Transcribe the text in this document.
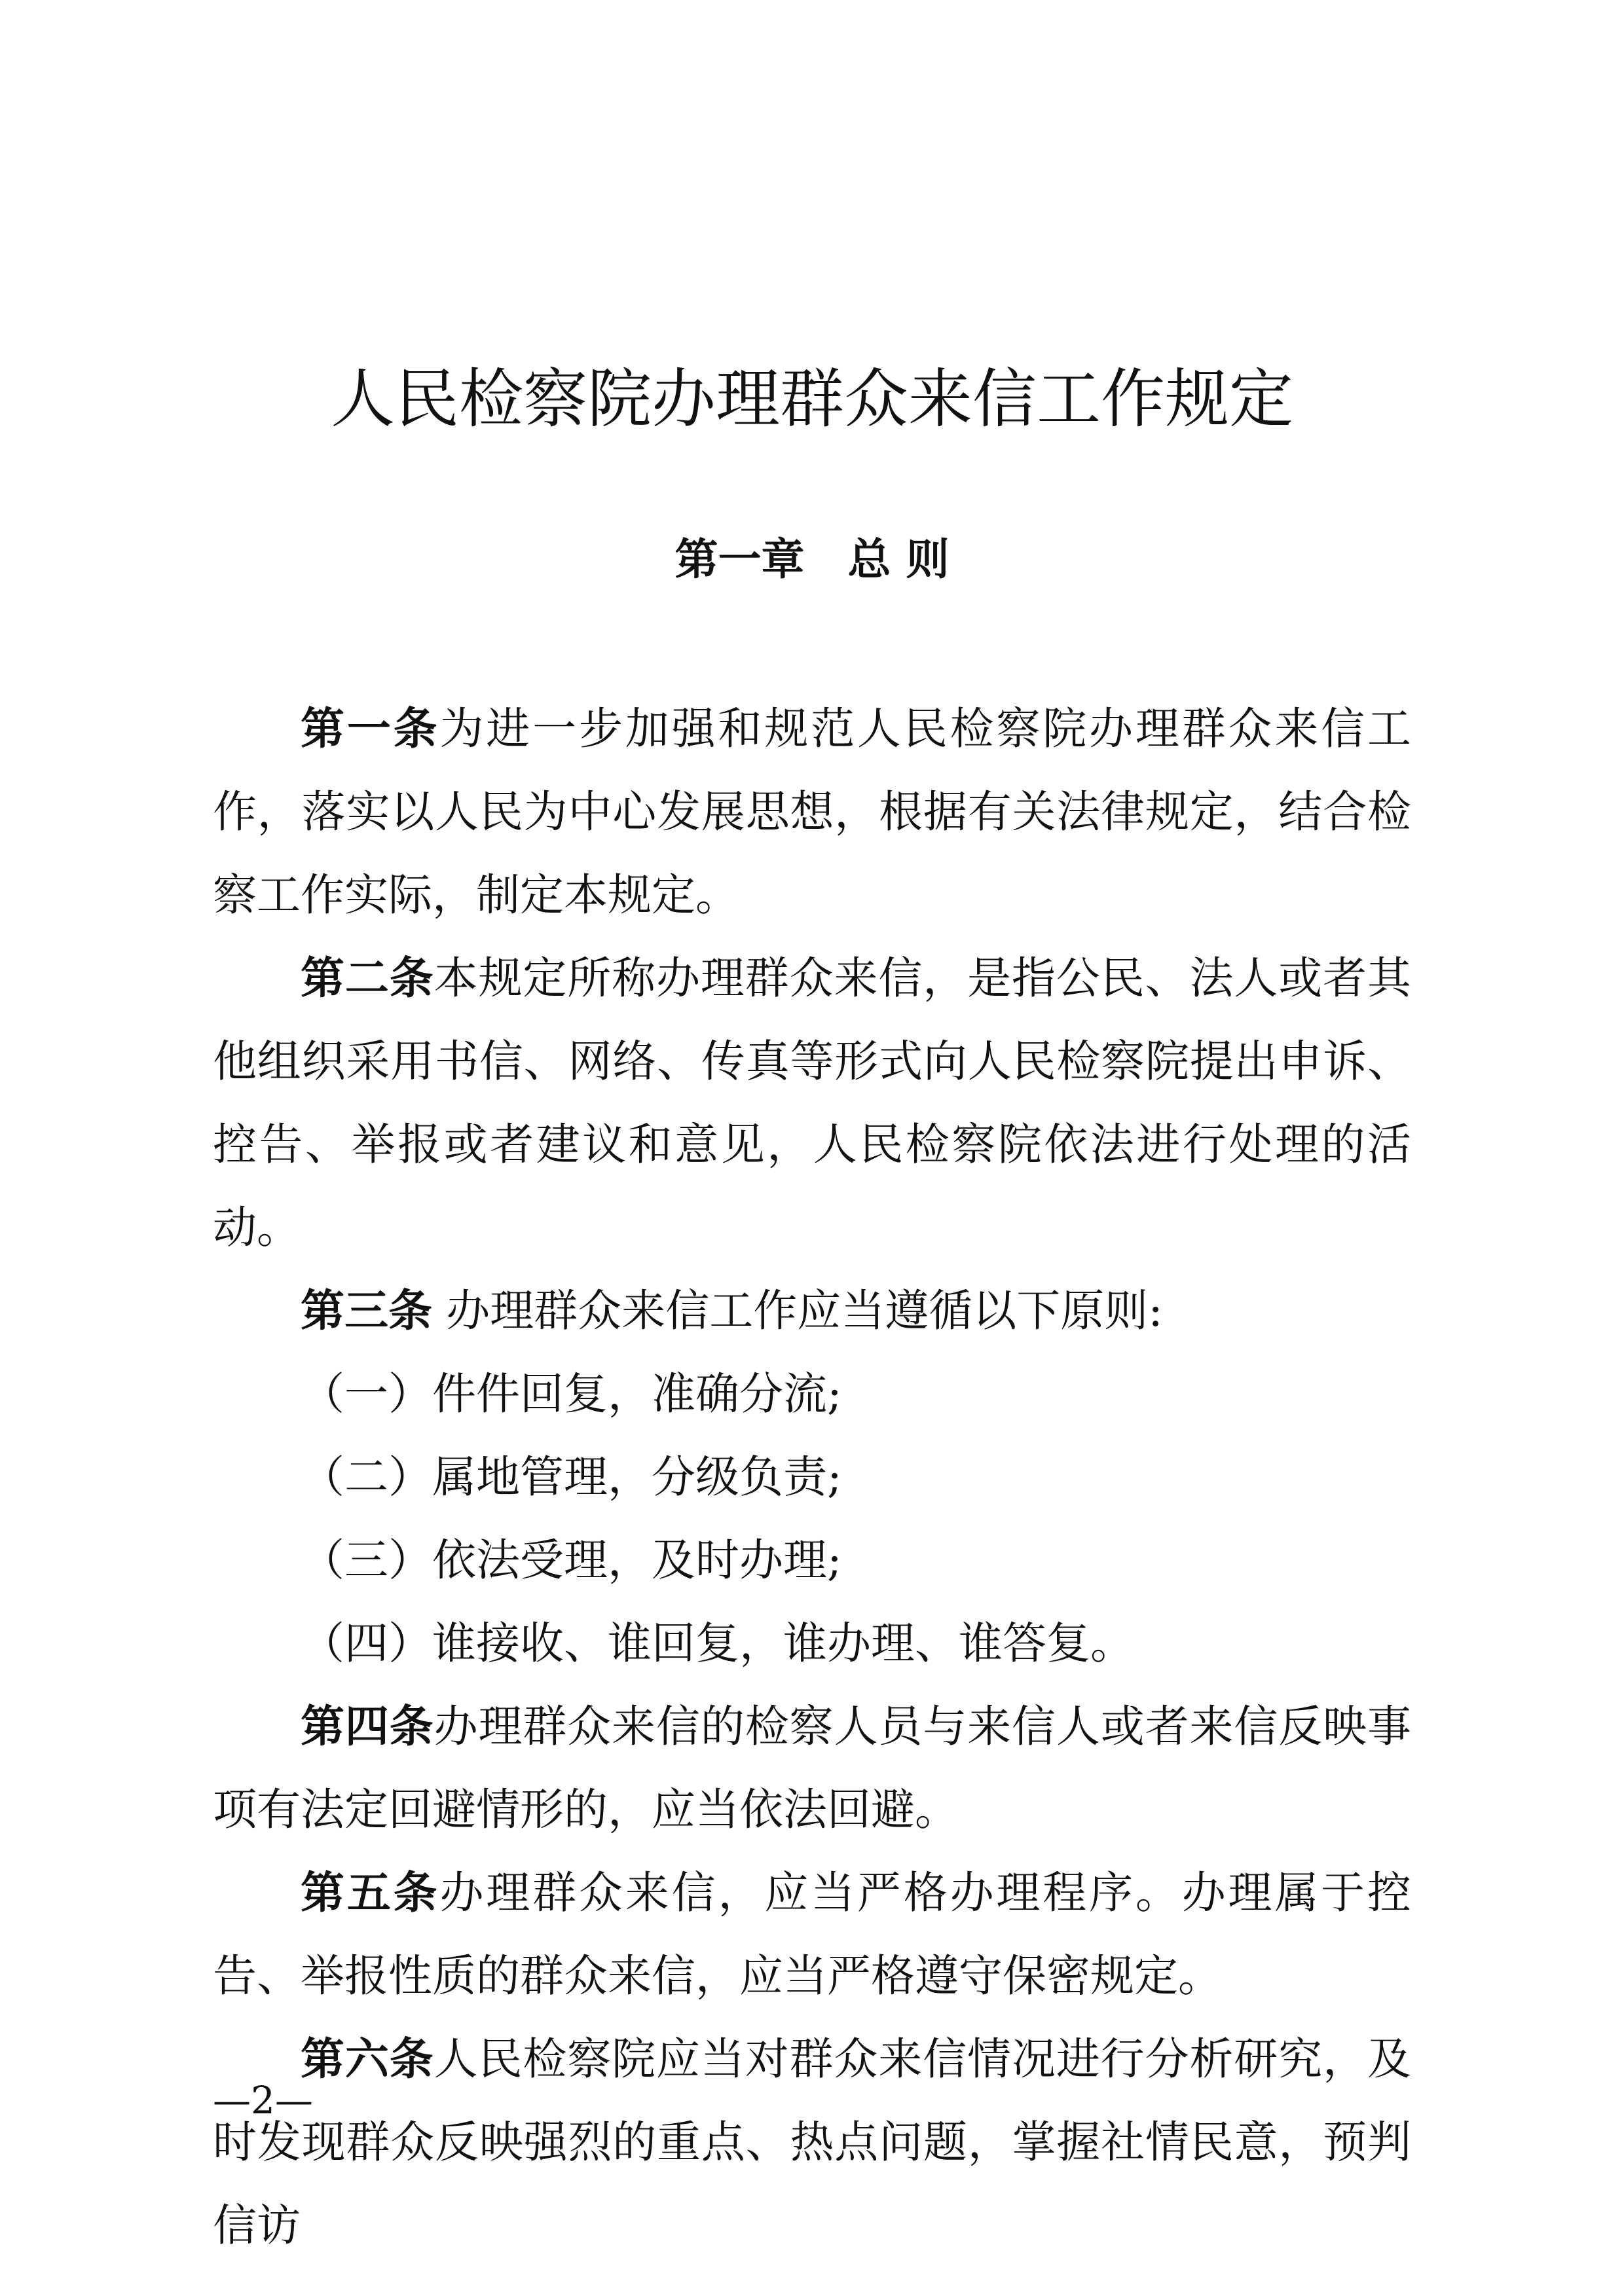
人民检察院办理群众来信工作规定
第一章　总 则

第一条为进一步加强和规范人民检察院办理群众来信工作，落实以人民为中心发展思想，根据有关法律规定，结合检察工作实际，制定本规定。

第二条本规定所称办理群众来信，是指公民、法人或者其他组织采用书信、网络、传真等形式向人民检察院提出申诉、控告、举报或者建议和意见，人民检察院依法进行处理的活动。

第三条 办理群众来信工作应当遵循以下原则:

（一）件件回复，准确分流;

（二）属地管理，分级负责;

（三）依法受理，及时办理;

（四）谁接收、谁回复，谁办理、谁答复。

第四条办理群众来信的检察人员与来信人或者来信反映事项有法定回避情形的，应当依法回避。

第五条办理群众来信，应当严格办理程序。办理属于控告、举报性质的群众来信，应当严格遵守保密规定。

第六条人民检察院应当对群众来信情况进行分析研究，及时发现群众反映强烈的重点、热点问题，掌握社情民意，预判信访

—2—
